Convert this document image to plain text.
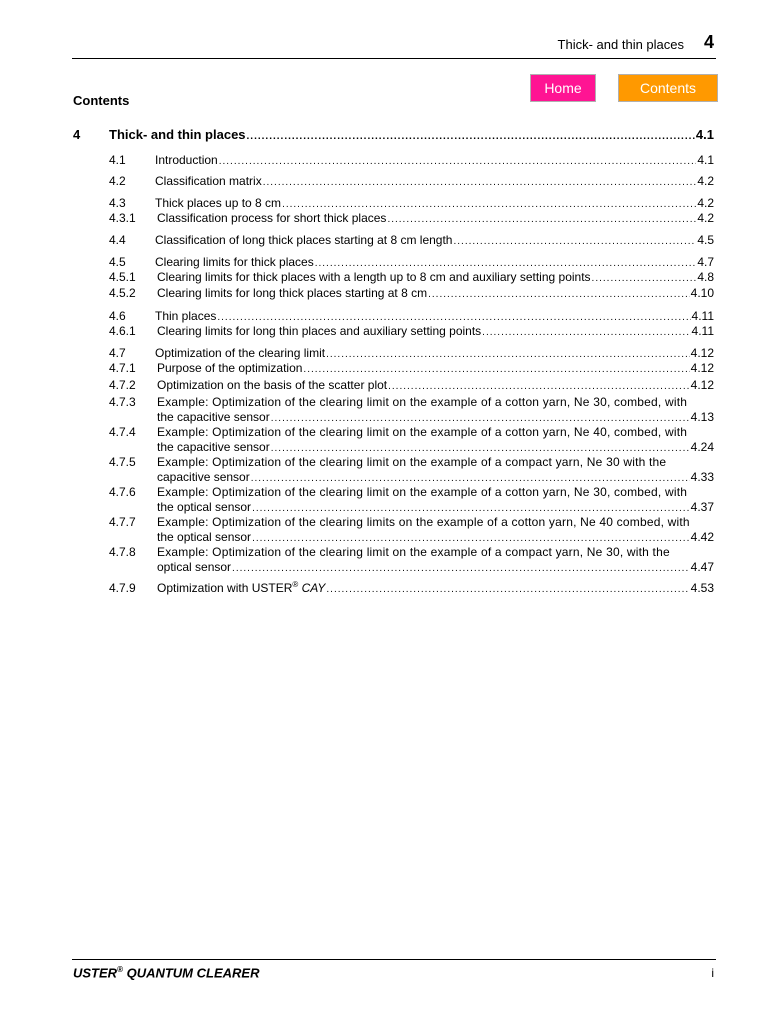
Thick- and thin places 4
Home	Contents
Contents
4	Thick- and thin places .....	4.1
4.1	Introduction .....	4.1
4.2	Classification matrix .....	4.2
4.3	Thick places up to 8 cm .....	4.2
4.3.1	Classification process for short thick places .....	4.2
4.4	Classification of long thick places starting at 8 cm length .....	4.5
4.5	Clearing limits for thick places .....	4.7
4.5.1	Clearing limits for thick places with a length up to 8 cm and auxiliary setting points .....	4.8
4.5.2	Clearing limits for long thick places starting at 8 cm .....	4.10
4.6	Thin places .....	4.11
4.6.1	Clearing limits for long thin places and auxiliary setting points .....	4.11
4.7	Optimization of the clearing limit .....	4.12
4.7.1	Purpose of the optimization .....	4.12
4.7.2	Optimization on the basis of the scatter plot .....	4.12
4.7.3	Example: Optimization of the clearing limit on the example of a cotton yarn, Ne 30, combed, with
the capacitive sensor .....	4.13
4.7.4	Example: Optimization of the clearing limit on the example of a cotton yarn, Ne 40, combed, with
the capacitive sensor .....	4.24
4.7.5	Example: Optimization of the clearing limit on the example of a compact yarn, Ne 30 with the
capacitive sensor .....	4.33
4.7.6	Example: Optimization of the clearing limit on the example of a cotton yarn, Ne 30, combed, with
the optical sensor .....	4.37
4.7.7	Example: Optimization of the clearing limits on the example of a cotton yarn, Ne 40 combed, with
the optical sensor .....	4.42
4.7.8	Example: Optimization of the clearing limit on the example of a compact yarn, Ne 30, with the
optical sensor .....	4.47
4.7.9	Optimization with USTER® CAY .....	4.53
USTER® QUANTUM CLEARER	i
